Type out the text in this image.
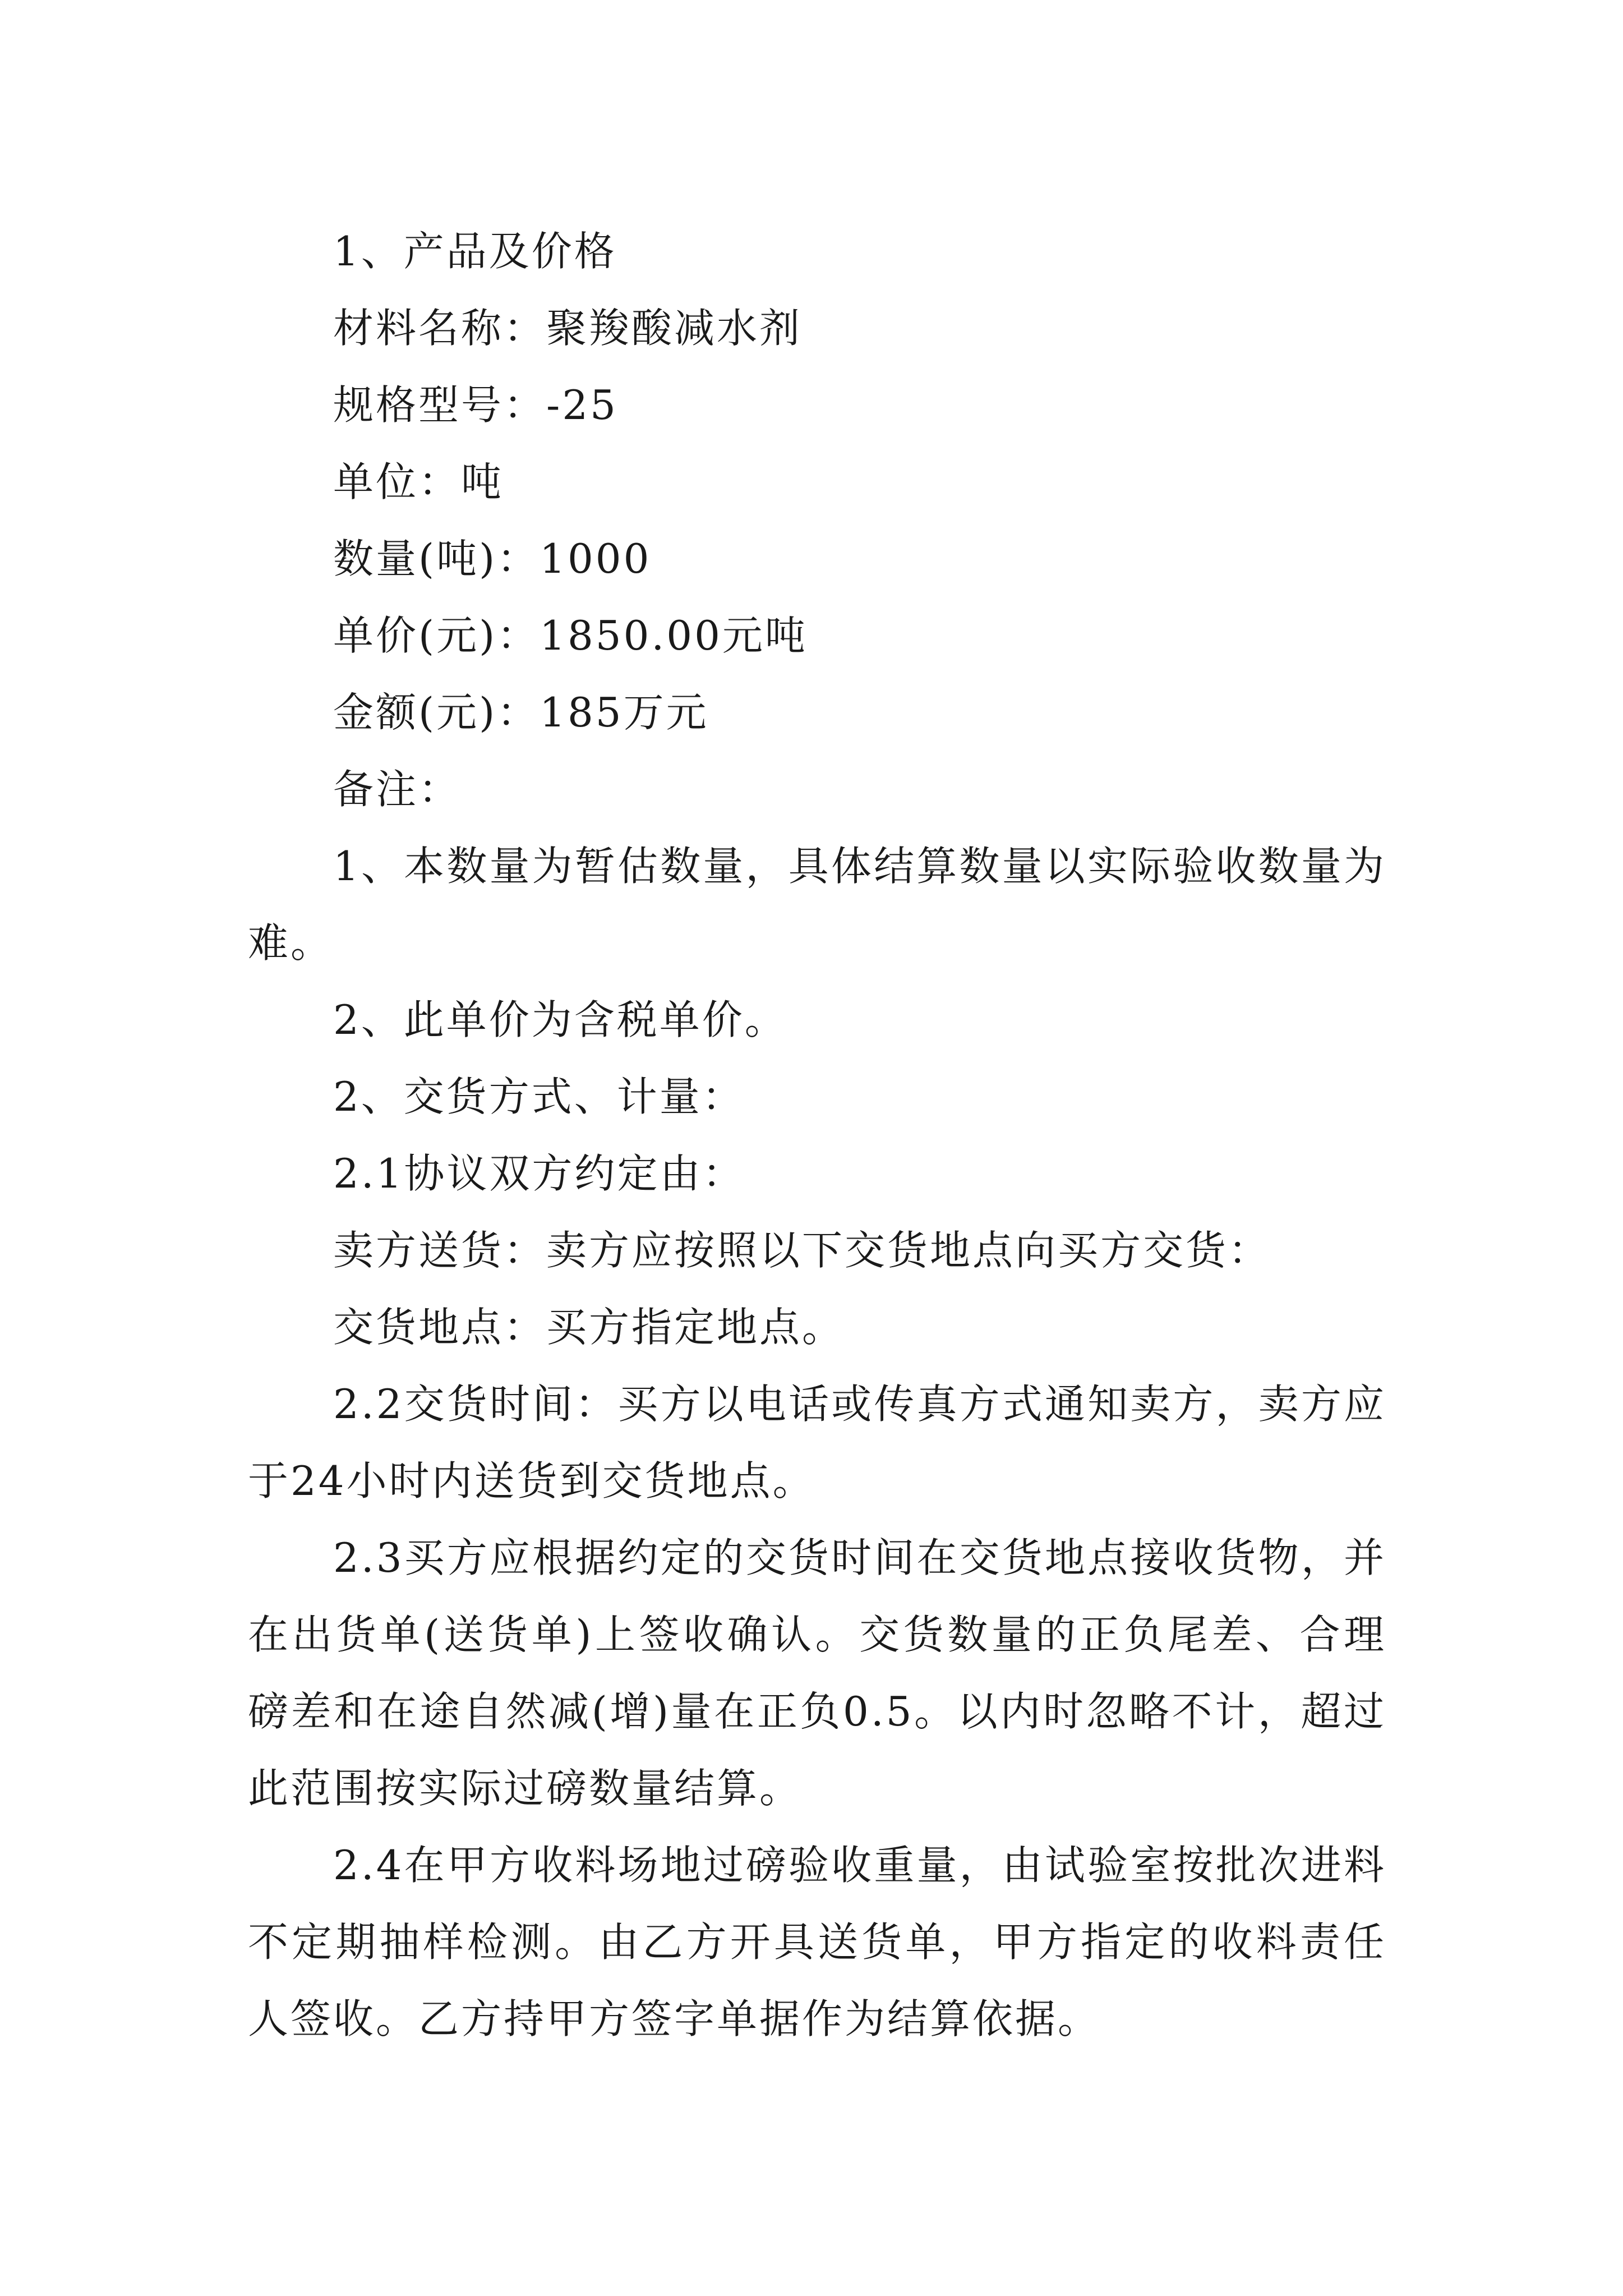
1、产品及价格

材料名称：聚羧酸减水剂

规格型号：-25

单位：吨

数量(吨)：1000

单价(元)：1850.00元吨

金额(元)：185万元

备注：

1、本数量为暂估数量，具体结算数量以实际验收数量为难。

2、此单价为含税单价。

2、交货方式、计量：

2.1协议双方约定由：

卖方送货：卖方应按照以下交货地点向买方交货：

交货地点：买方指定地点。

2.2交货时间：买方以电话或传真方式通知卖方，卖方应于24小时内送货到交货地点。

2.3买方应根据约定的交货时间在交货地点接收货物，并在出货单(送货单)上签收确认。交货数量的正负尾差、合理磅差和在途自然减(增)量在正负0.5。以内时忽略不计，超过此范围按实际过磅数量结算。

2.4在甲方收料场地过磅验收重量，由试验室按批次进料不定期抽样检测。由乙方开具送货单，甲方指定的收料责任人签收。乙方持甲方签字单据作为结算依据。
